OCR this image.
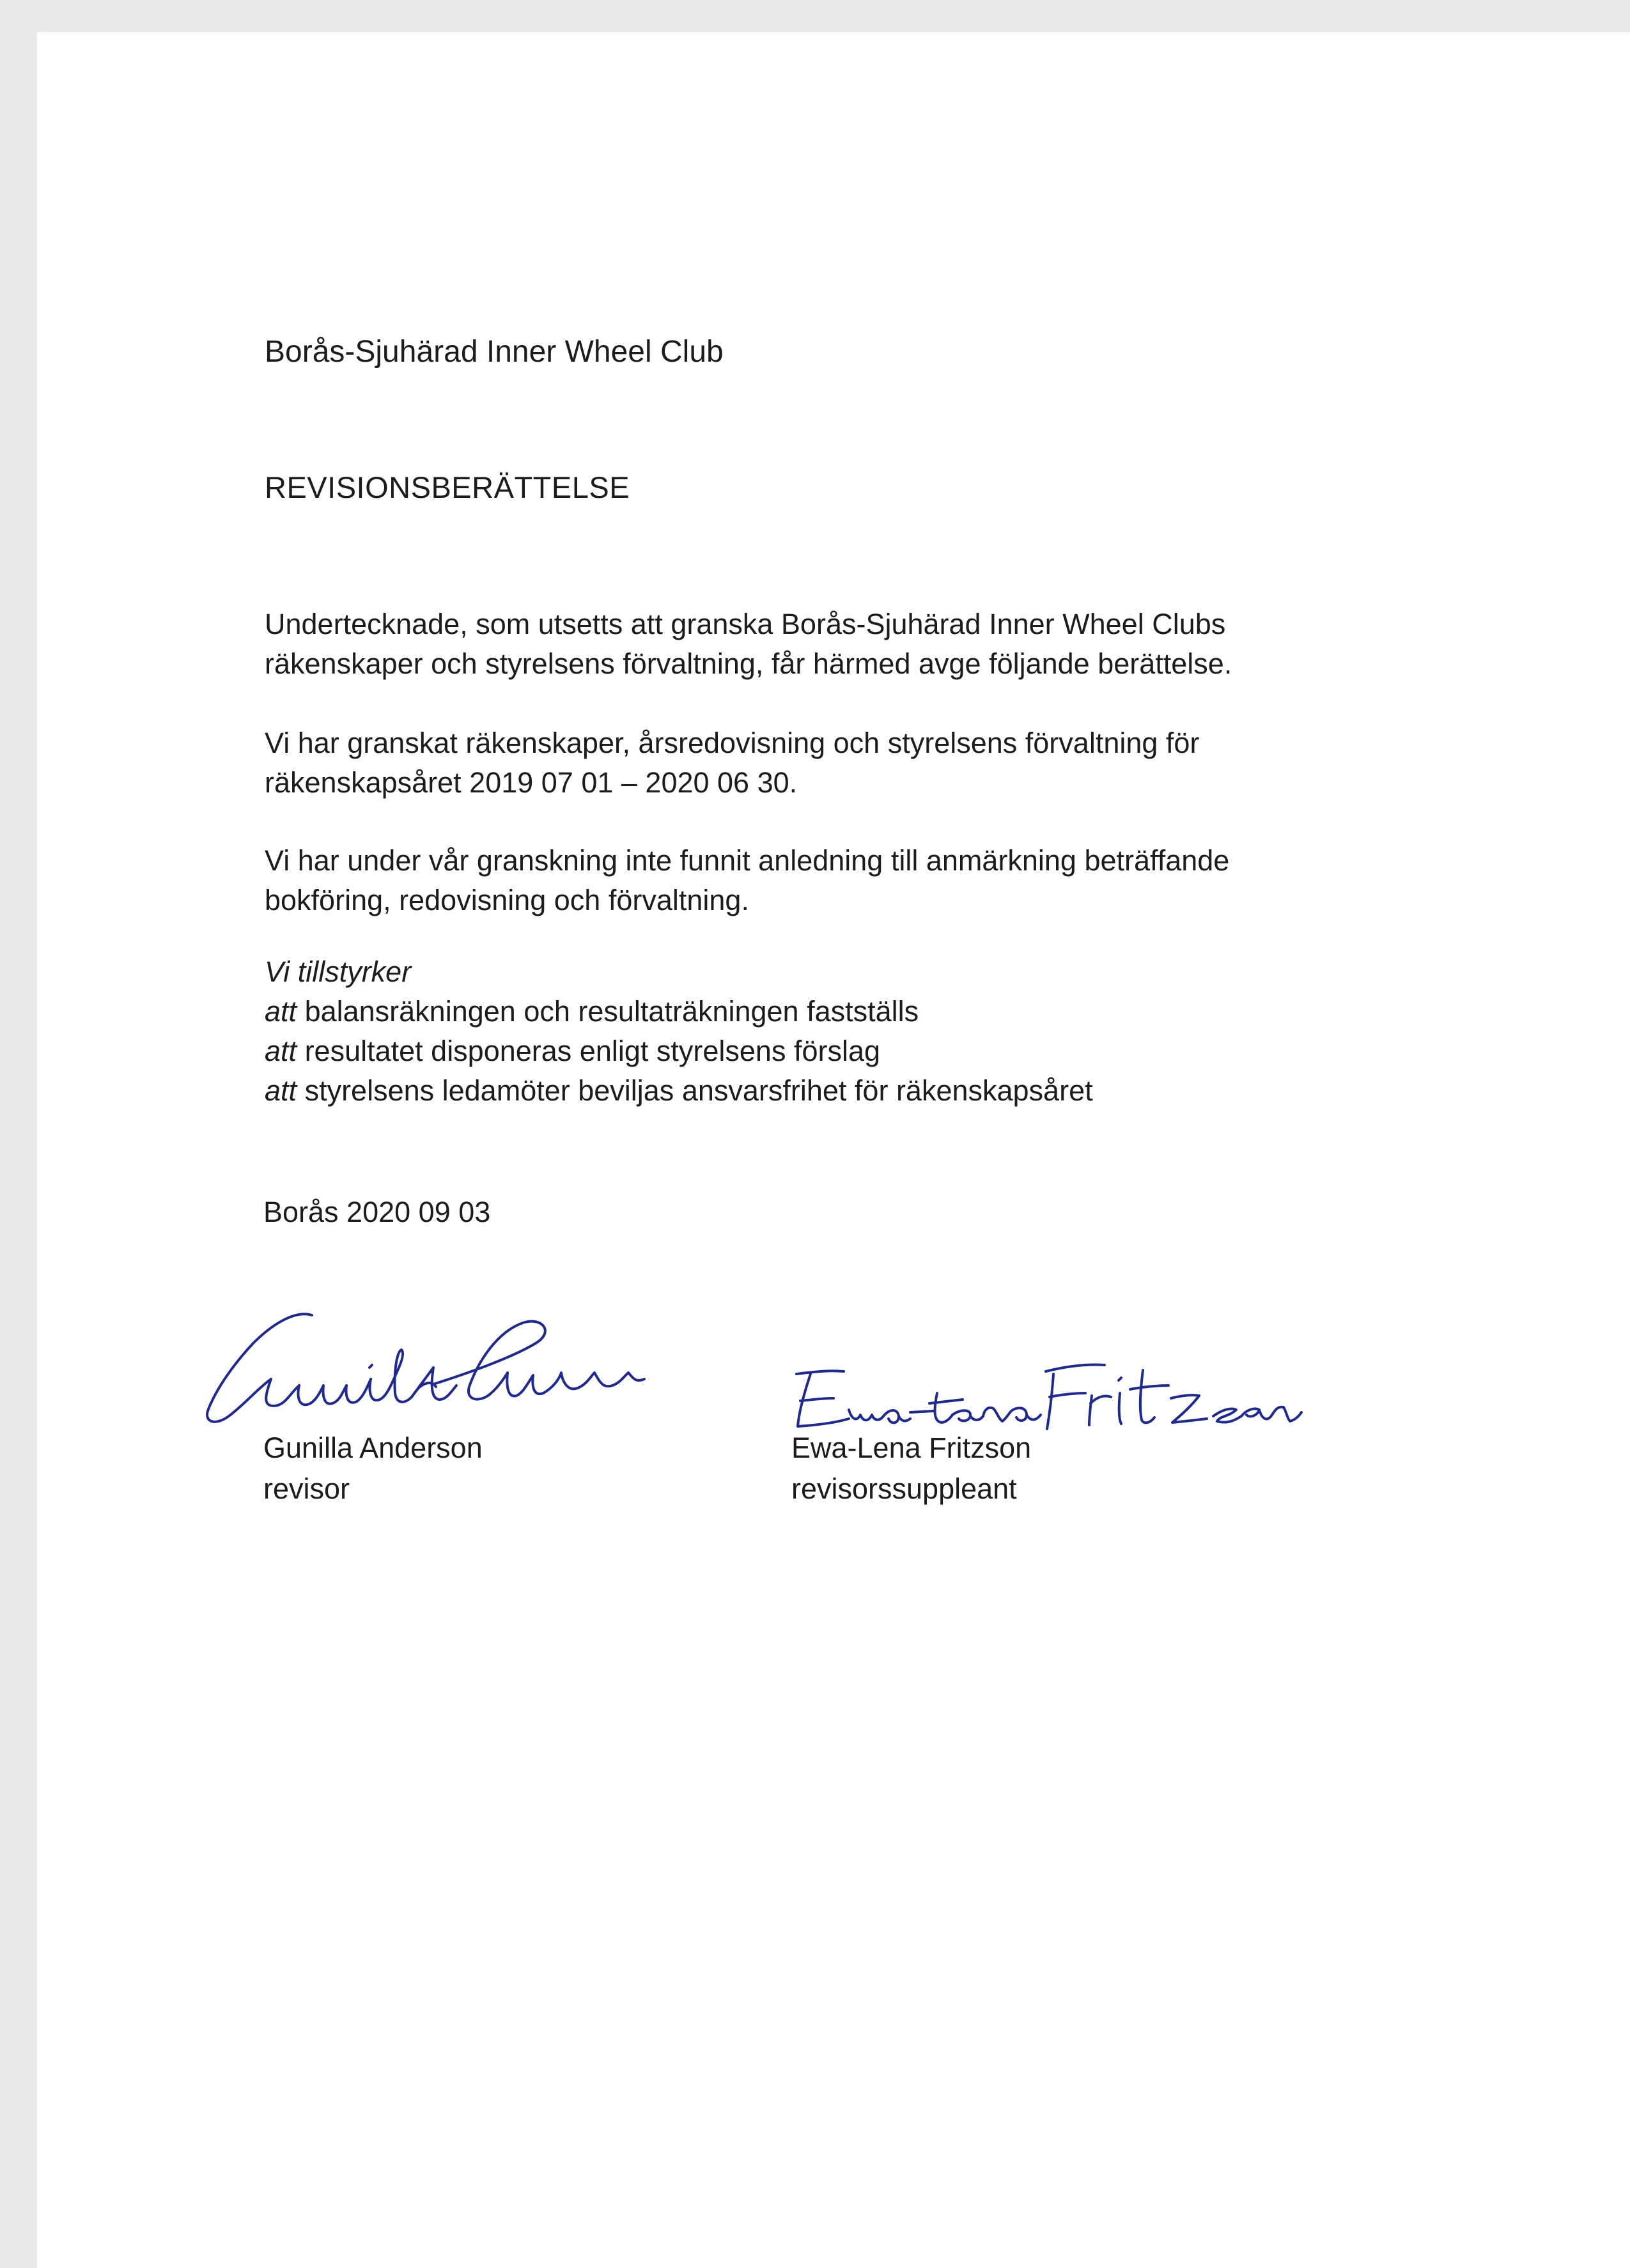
Borås-Sjuhärad Inner Wheel Club

REVISIONSBERÄTTELSE

Undertecknade, som utsetts att granska Borås-Sjuhärad Inner Wheel Clubs
räkenskaper och styrelsens förvaltning, får härmed avge följande berättelse.

Vi har granskat räkenskaper, årsredovisning och styrelsens förvaltning för
räkenskapsåret 2019 07 01 – 2020 06 30.

Vi har under vår granskning inte funnit anledning till anmärkning beträffande
bokföring, redovisning och förvaltning.

Vi tillstyrker
att balansräkningen och resultaträkningen fastställs
att resultatet disponeras enligt styrelsens förslag
att styrelsens ledamöter beviljas ansvarsfrihet för räkenskapsåret

Borås 2020 09 03

Gunilla Anderson
revisor
Ewa-Lena Fritzson
revisorssuppleant
